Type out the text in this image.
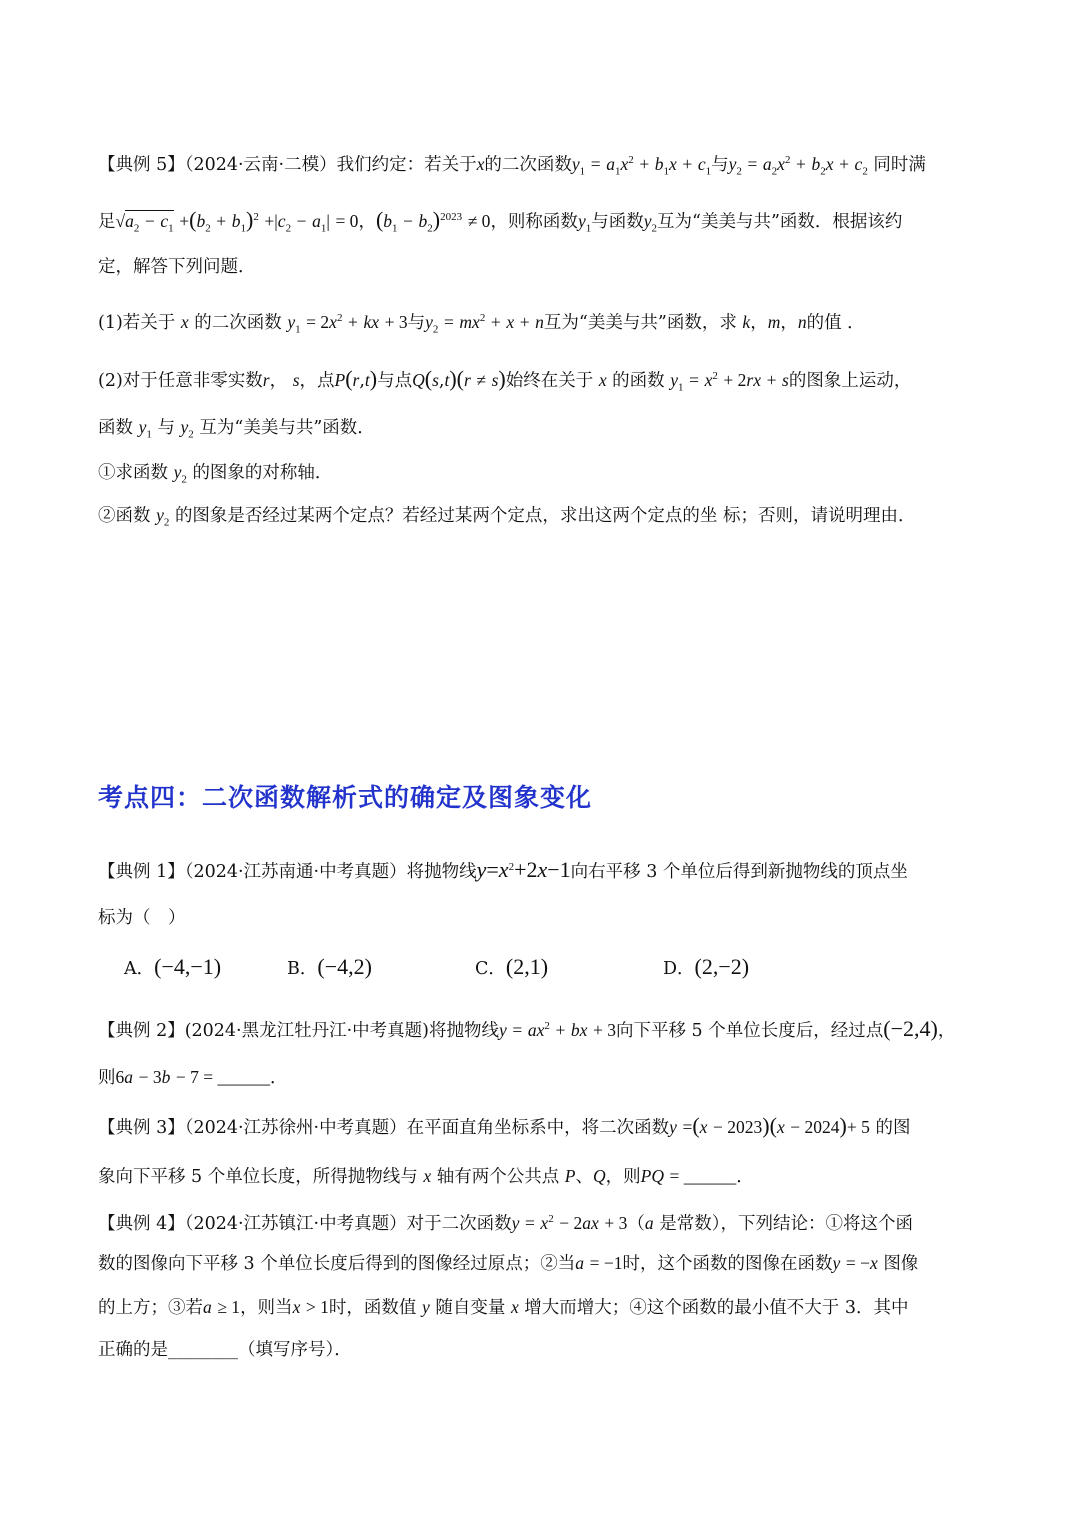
【典例 5】（2024·云南·二模）我们约定：若关于x的二次函数$y_1 = a_1x^2 + b_1x + c_1$与$y_2 = a_2x^2 + b_2x + c_2$ 同时满
足$√a_2 - c_1 +(b_2 + b_1)^2 +|c_2 - a_1| = 0$，$(b_1 - b_2)^{2023} \ne 0$，则称函数$y_1$与函数$y_2$互为“美美与共”函数．根据该约
定，解答下列问题．
(1)若关于 x 的二次函数 $y_1 = 2x^2$ + kx + 3与$y_2 = mx^2 + x + n$互为“美美与共”函数，求 k，m，n的值 ．
(2)对于任意非零实数r， s，点P(r,t)与点Q(s,t)(r ≠ s)始终在关于 x 的函数 $y_1 = x^2 + 2rx + s$的图象上运动，
函数 $y_1$ 与 $y_2$ 互为“美美与共”函数．
①求函数 $y_2$ 的图象的对称轴．
②函数 $y_2$ 的图象是否经过某两个定点？若经过某两个定点，求出这两个定点的坐 标；否则，请说明理由．
考点四：二次函数解析式的确定及图象变化
【典例 1】（2024·江苏南通·中考真题）将抛物线$y=x^2+2x-1$向右平移 3 个单位后得到新抛物线的顶点坐
标为（　）
A．(−4,−1)	B．(−4,2)	C．(2,1)	D．(2,−2)
【典例 2】(2024·黑龙江牡丹江·中考真题)将抛物线$y = ax^2$ + bx + 3向下平移 5 个单位长度后，经过点(−2,4)，
则6a − 3b − 7 = ______．
【典例 3】（2024·江苏徐州·中考真题）在平面直角坐标系中，将二次函数y =(x − 2023)(x − 2024)+ 5 的图
象向下平移 5 个单位长度，所得抛物线与 x 轴有两个公共点 P、Q，则PQ = ______．
【典例 4】（2024·江苏镇江·中考真题）对于二次函数$y = x^2 - 2ax + 3(a$ 是常数），下列结论：①将这个函
数的图像向下平移 3 个单位长度后得到的图像经过原点；②当a = −1时，这个函数的图像在函数y = −x 图像
的上方；③若a ≥ 1，则当x > 1时，函数值 y 随自变量 x 增大而增大；④这个函数的最小值不大于 3．其中
正确的是________（填写序号）．
